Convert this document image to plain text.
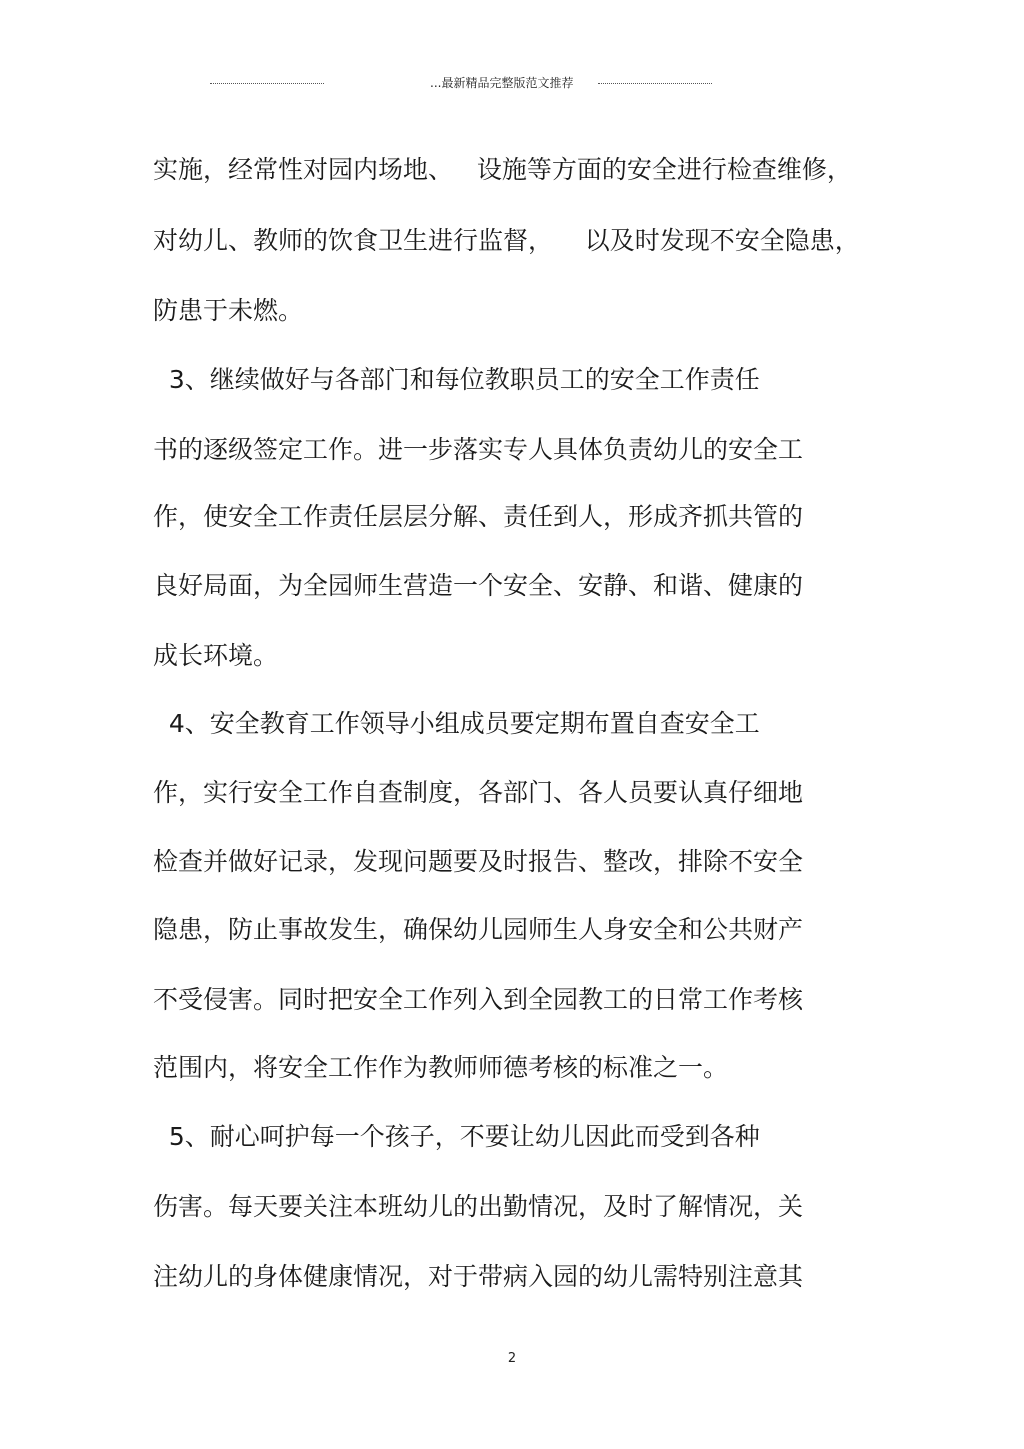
...最新精品完整版范文推荐
实施，经常性对园内场地、   设施等方面的安全进行检查维修，
对幼儿、教师的饮食卫生进行监督，    以及时发现不安全隐患，
防患于未燃。
3、继续做好与各部门和每位教职员工的安全工作责任
书的逐级签定工作。进一步落实专人具体负责幼儿的安全工
作，使安全工作责任层层分解、责任到人，形成齐抓共管的
良好局面，为全园师生营造一个安全、安静、和谐、健康的
成长环境。
4、安全教育工作领导小组成员要定期布置自查安全工
作，实行安全工作自查制度，各部门、各人员要认真仔细地
检查并做好记录，发现问题要及时报告、整改，排除不安全
隐患，防止事故发生，确保幼儿园师生人身安全和公共财产
不受侵害。同时把安全工作列入到全园教工的日常工作考核
范围内，将安全工作作为教师师德考核的标准之一。
5、耐心呵护每一个孩子，不要让幼儿因此而受到各种
伤害。每天要关注本班幼儿的出勤情况，及时了解情况，关
注幼儿的身体健康情况，对于带病入园的幼儿需特别注意其
2
